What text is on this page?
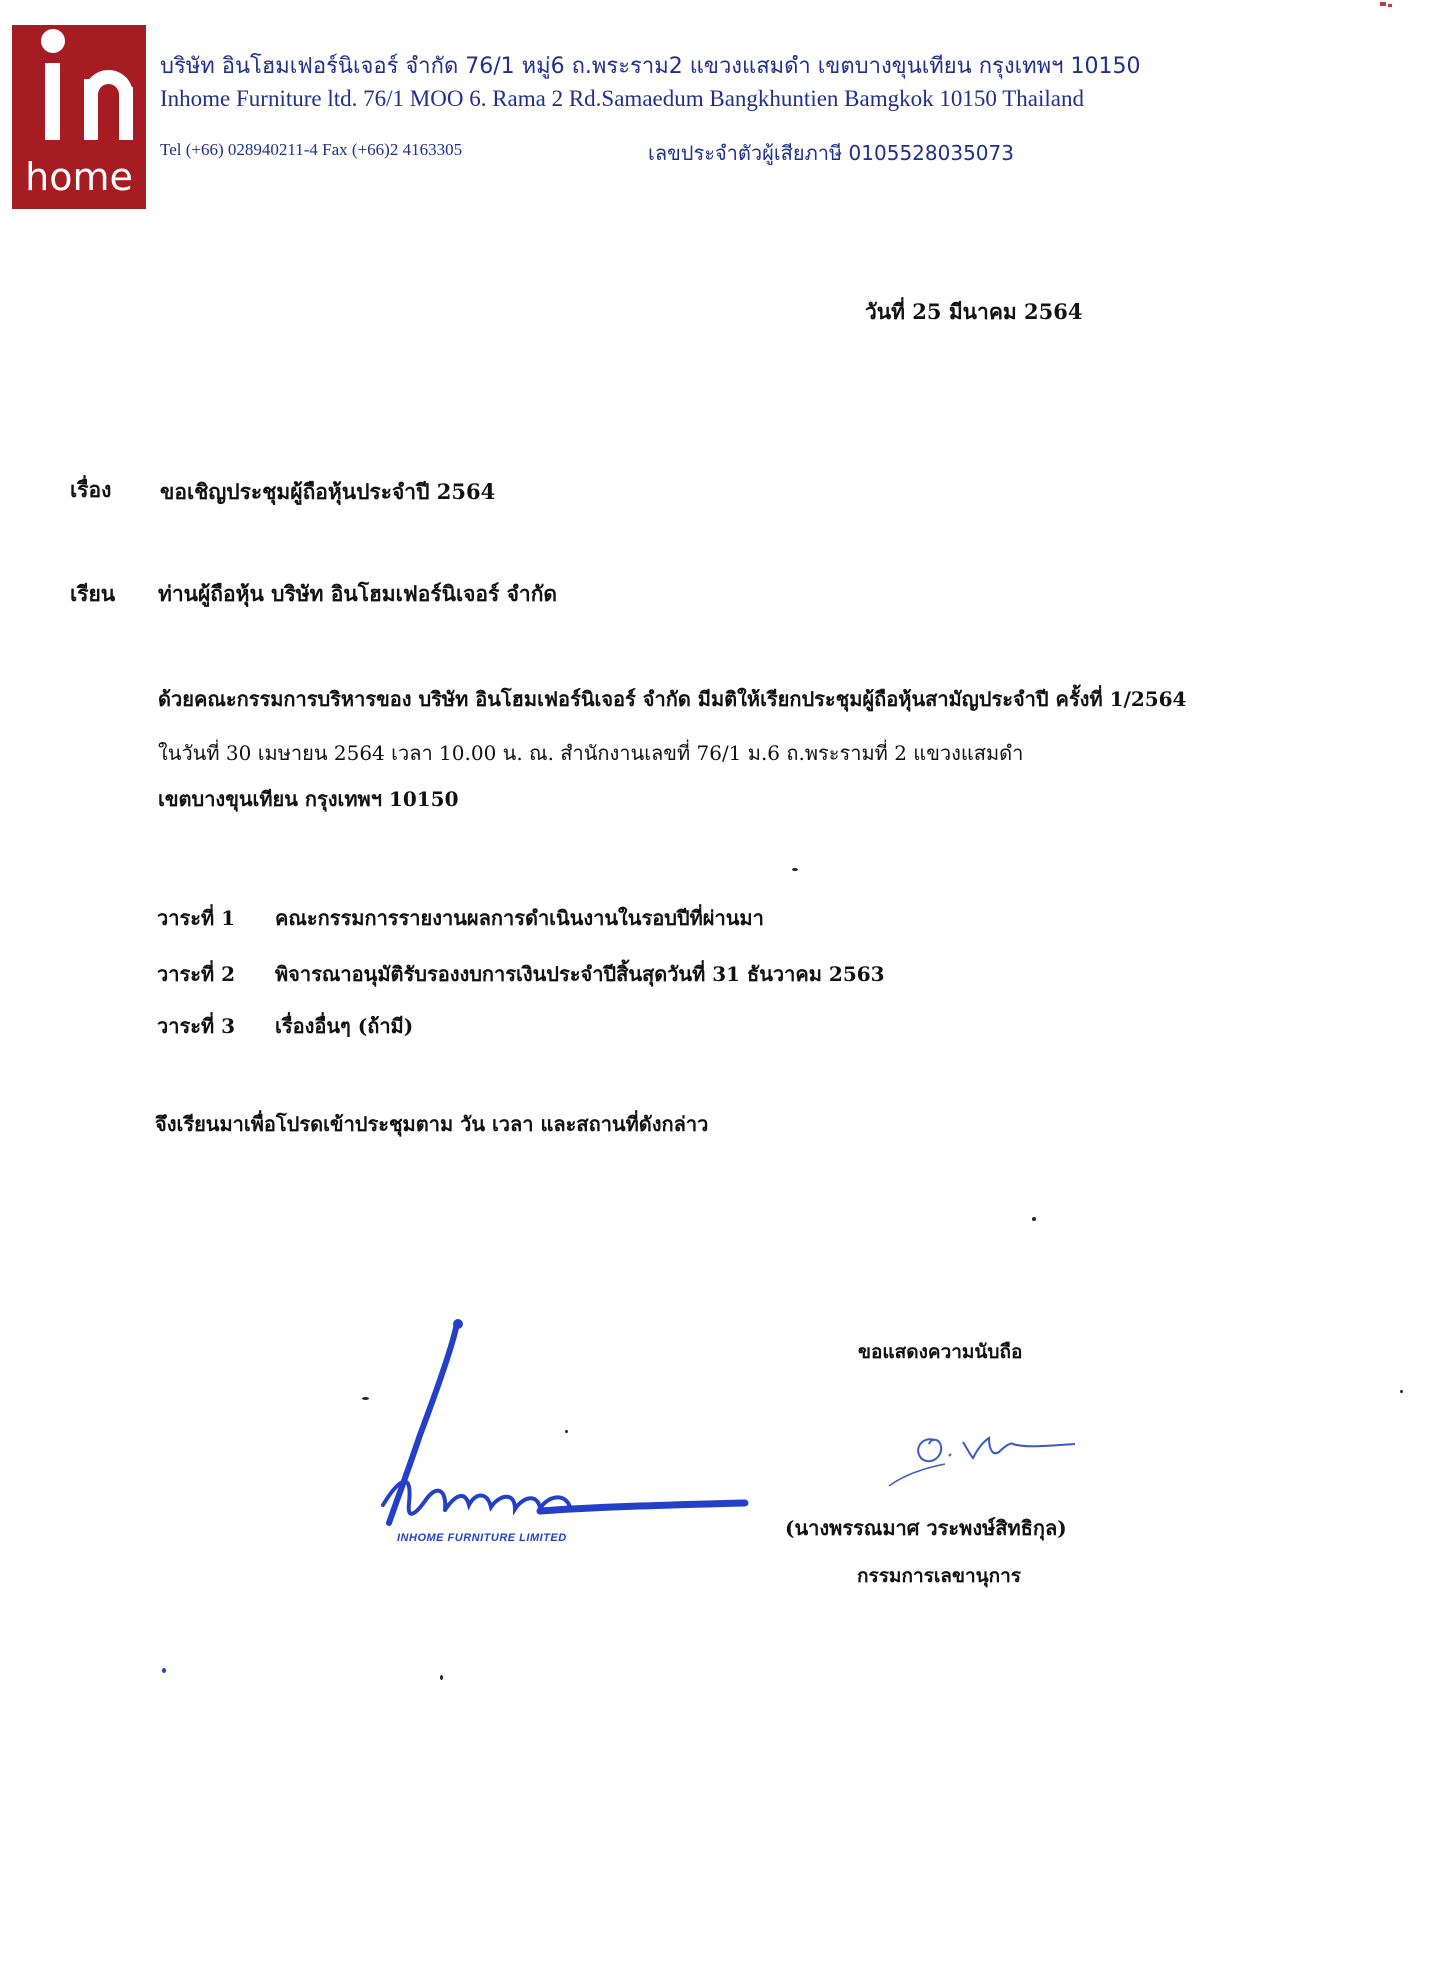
home
บริษัท อินโฮมเฟอร์นิเจอร์ จำกัด 76/1 หมู่6 ถ.พระราม2 แขวงแสมดำ เขตบางขุนเทียน กรุงเทพฯ 10150
Inhome Furniture ltd. 76/1 MOO 6. Rama 2 Rd.Samaedum Bangkhuntien Bamgkok 10150 Thailand
Tel (+66) 028940211-4 Fax (+66)2 4163305	เลขประจำตัวผู้เสียภาษี 0105528035073
วันที่ 25 มีนาคม 2564
เรื่อง ขอเชิญประชุมผู้ถือหุ้นประจำปี 2564
เรียน ท่านผู้ถือหุ้น บริษัท อินโฮมเฟอร์นิเจอร์ จำกัด
ด้วยคณะกรรมการบริหารของ บริษัท อินโฮมเฟอร์นิเจอร์ จำกัด มีมติให้เรียกประชุมผู้ถือหุ้นสามัญประจำปี ครั้งที่ 1/2564
ในวันที่ 30 เมษายน 2564 เวลา 10.00 น. ณ. สำนักงานเลขที่ 76/1 ม.6 ถ.พระรามที่ 2 แขวงแสมดำ
เขตบางขุนเทียน กรุงเทพฯ 10150
วาระที่ 1 คณะกรรมการรายงานผลการดำเนินงานในรอบปีที่ผ่านมา
วาระที่ 2 พิจารณาอนุมัติรับรองงบการเงินประจำปีสิ้นสุดวันที่ 31 ธันวาคม 2563
วาระที่ 3 เรื่องอื่นๆ (ถ้ามี)
จึงเรียนมาเพื่อโปรดเข้าประชุมตาม วัน เวลา และสถานที่ดังกล่าว
INHOME FURNITURE LIMITED
ขอแสดงความนับถือ
(นางพรรณมาศ วระพงษ์สิทธิกุล)
กรรมการเลขานุการ
